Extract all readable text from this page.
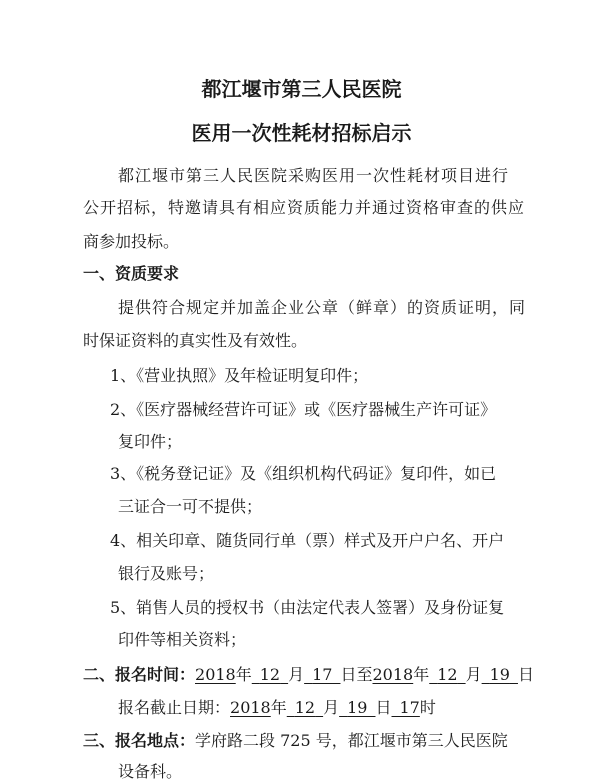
都江堰市第三人民医院
医用一次性耗材招标启示
都江堰市第三人民医院采购医用一次性耗材项目进行
公开招标，特邀请具有相应资质能力并通过资格审查的供应
商参加投标。
一、资质要求
提供符合规定并加盖企业公章（鲜章）的资质证明，同
时保证资料的真实性及有效性。
1、《营业执照》及年检证明复印件；
2、《医疗器械经营许可证》或《医疗器械生产许可证》
复印件；
3、《税务登记证》及《组织机构代码证》复印件，如已
三证合一可不提供；
4、相关印章、随货同行单（票）样式及开户户名、开户
银行及账号；
5、销售人员的授权书（由法定代表人签署）及身份证复
印件等相关资料；
二、报名时间：2018年  12  月  17  日至2018年  12  月  19  日
报名截止日期：2018年  12  月  19  日  17时
三、报名地点：学府路二段 725 号，都江堰市第三人民医院
设备科。
